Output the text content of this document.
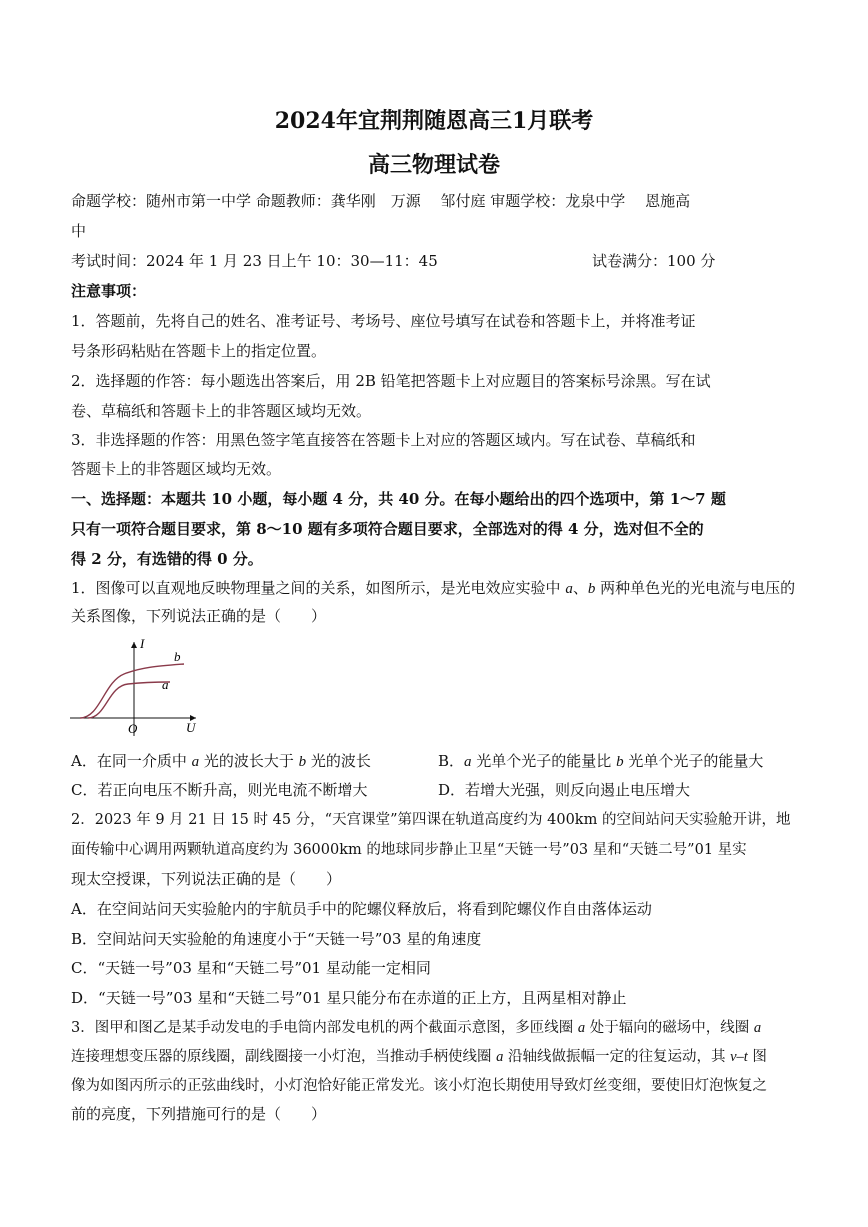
2024年宜荆荆随恩高三1月联考
高三物理试卷
命题学校：随州市第一中学 命题教师：龚华刚　万源　 邹付庭 审题学校：龙泉中学　 恩施高
中
考试时间：2024 年 1 月 23 日上午 10：30—11：45	试卷满分：100 分
注意事项：
1．答题前，先将自己的姓名、准考证号、考场号、座位号填写在试卷和答题卡上，并将准考证
号条形码粘贴在答题卡上的指定位置。
2．选择题的作答：每小题选出答案后，用 2B 铅笔把答题卡上对应题目的答案标号涂黑。写在试
卷、草稿纸和答题卡上的非答题区域均无效。
3．非选择题的作答：用黑色签字笔直接答在答题卡上对应的答题区域内。写在试卷、草稿纸和
答题卡上的非答题区域均无效。
一、选择题：本题共 10 小题，每小题 4 分，共 40 分。在每小题给出的四个选项中，第 1～7 题
只有一项符合题目要求，第 8～10 题有多项符合题目要求，全部选对的得 4 分，选对但不全的
得 2 分，有选错的得 0 分。
1．图像可以直观地反映物理量之间的关系，如图所示，是光电效应实验中 a、b 两种单色光的光电流与电压的
关系图像，下列说法正确的是（　　）
I
U
O
b
a
A．在同一介质中 a 光的波长大于 b 光的波长	B．a 光单个光子的能量比 b 光单个光子的能量大
C．若正向电压不断升高，则光电流不断增大	D．若增大光强，则反向遏止电压增大
2．2023 年 9 月 21 日 15 时 45 分，“天宫课堂”第四课在轨道高度约为 400km 的空间站问天实验舱开讲，地
面传输中心调用两颗轨道高度约为 36000km 的地球同步静止卫星“天链一号”03 星和“天链二号”01 星实
现太空授课，下列说法正确的是（　　）
A．在空间站问天实验舱内的宇航员手中的陀螺仪释放后，将看到陀螺仪作自由落体运动
B．空间站问天实验舱的角速度小于“天链一号”03 星的角速度
C．“天链一号”03 星和“天链二号”01 星动能一定相同
D．“天链一号”03 星和“天链二号”01 星只能分布在赤道的正上方，且两星相对静止
3．图甲和图乙是某手动发电的手电筒内部发电机的两个截面示意图，多匝线圈 a 处于辐向的磁场中，线圈 a
连接理想变压器的原线圈，副线圈接一小灯泡，当推动手柄使线圈 a 沿轴线做振幅一定的往复运动，其 v–t 图
像为如图丙所示的正弦曲线时，小灯泡恰好能正常发光。该小灯泡长期使用导致灯丝变细，要使旧灯泡恢复之
前的亮度，下列措施可行的是（　　）
